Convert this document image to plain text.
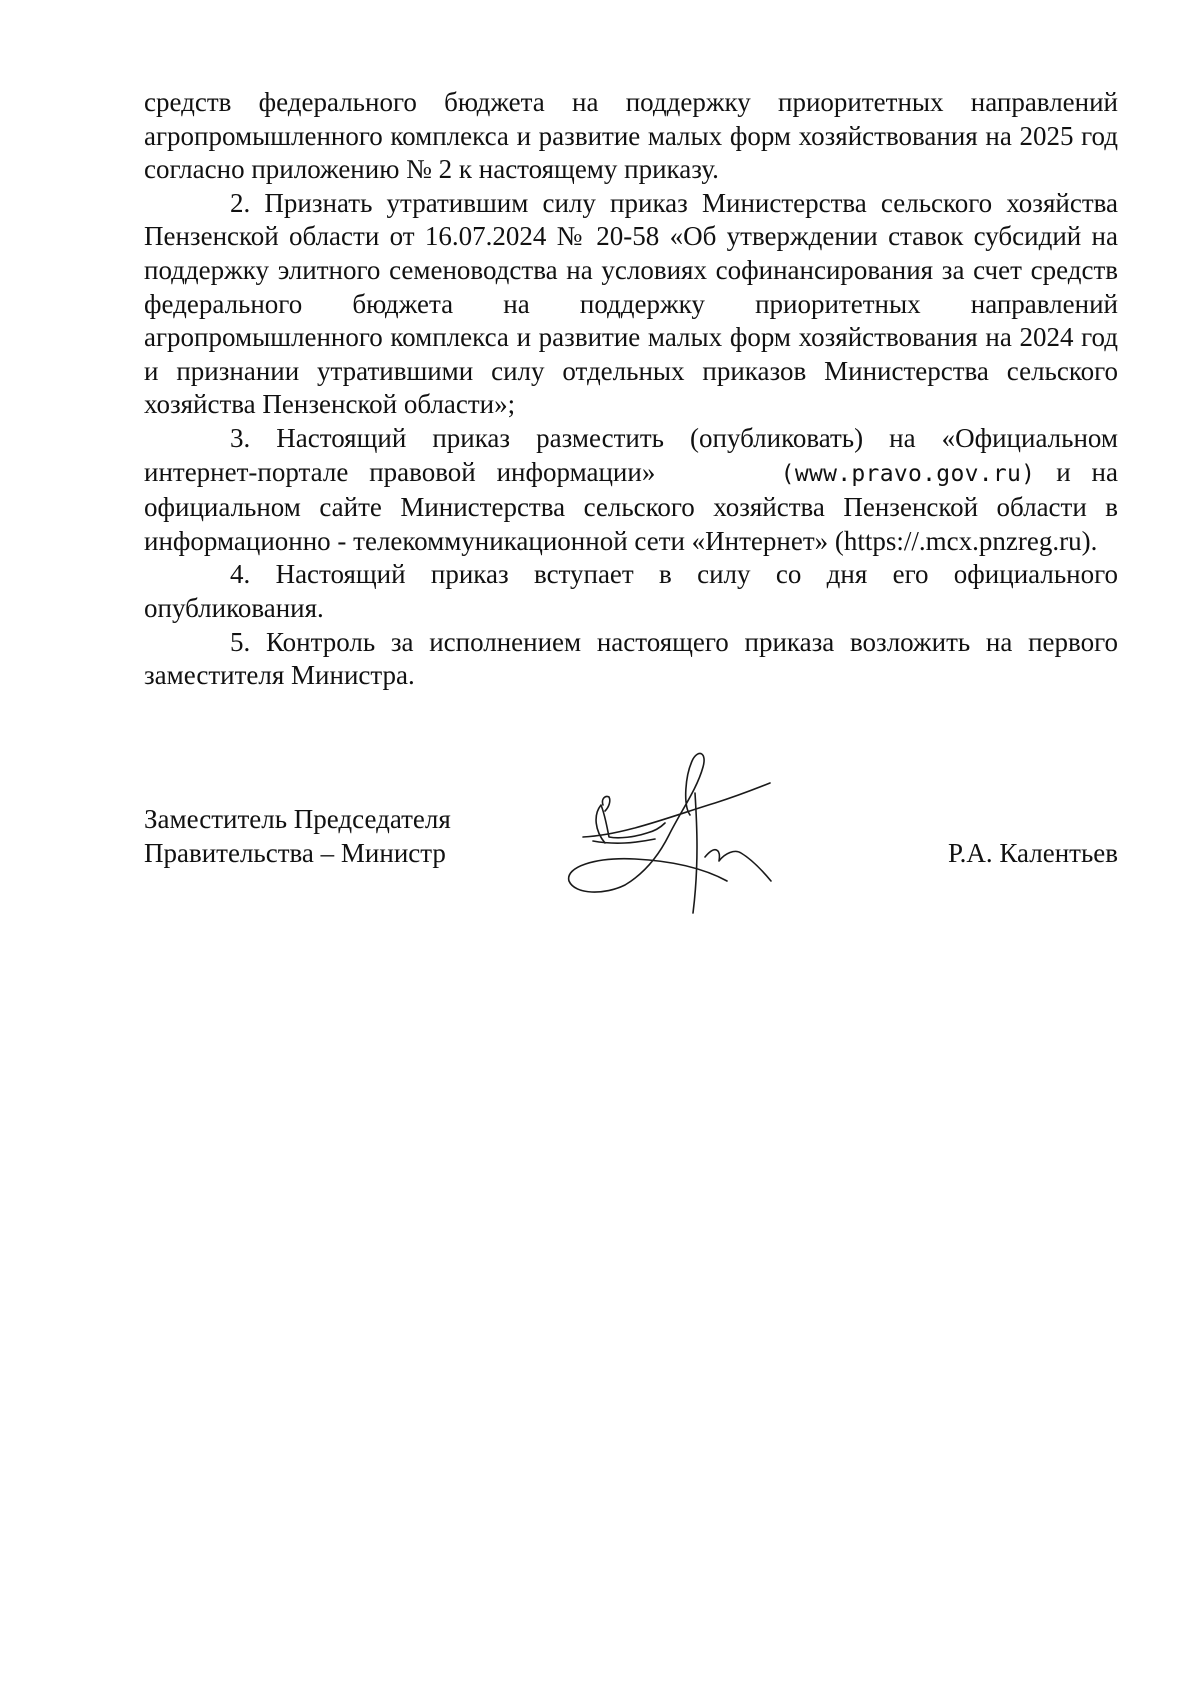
средств федерального бюджета на поддержку приоритетных направлений агропромышленного комплекса и развитие малых форм хозяйствования на 2025 год согласно приложению № 2 к настоящему приказу.

2. Признать утратившим силу приказ Министерства сельского хозяйства Пензенской области от 16.07.2024 № 20-58 «Об утверждении ставок субсидий на поддержку элитного семеноводства на условиях софинансирования за счет средств федерального бюджета на поддержку приоритетных направлений агропромышленного комплекса и развитие малых форм хозяйствования на 2024 год и признании утратившими силу отдельных приказов Министерства сельского хозяйства Пензенской области»;

3. Настоящий приказ разместить (опубликовать) на «Официальном интернет-портале правовой информации»	(www.pravo.gov.ru) и на официальном сайте Министерства сельского хозяйства Пензенской области в информационно - телекоммуникационной сети «Интернет» (https://.mcx.pnzreg.ru).

4. Настоящий приказ вступает в силу со дня его официального опубликования.

5. Контроль за исполнением настоящего приказа возложить на первого заместителя Министра.

Заместитель Председателя
Правительства – Министр	Р.А. Калентьев
